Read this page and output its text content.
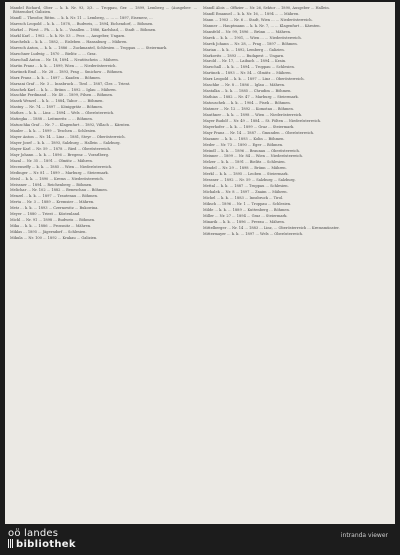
Mandel Richard, Ober ... k. k. Nr. 93, 3/3. ... Troppau, Ger. ... 1899, Lemberg ... (Ausgeber: ... Bötzendorf, Galizien.

Mandl ... Theodor, Rittm. ... k. k. Nr. 11 ... Lemberg, ... ... ... 1897, Eisenerz, ...

Maresch Leopold ... k. k. ... 1878, ... Budweis, ... 1894, Eichendorf, ... Böhmen.

Markel ... Fürst ... Ph. ... k. k. ... Vasallen ... 1886, Karlsbad, ... Stadt ... Böhmen.

Markl Karl ... 1902 ... k. k. Nr. 53 ... Pecs ..., Ausgeber, Ungarn.

Marcheluk ... k. k. ... 1882, ... Eisleben ... Hansaburg ... Mähren.

Maresch Anton, ... k. k. ... 1886 ... Zuckmantel, Schlesien ... Troppau ... ... Steiermark.

Marschner Ludwig ... 1870 ... Bielitz ... ... Graz.

Marschall Anton ... Nr. 18, 1894 ... Neutitschein ... Mähren.

Martin Franz ... k. k. ... 1899, Wien ... ... Niederösterreich.

Martinek Emil ... Nr. 28 ... 1893, Prag ... Smichow ... Böhmen.

Marx Franz ... k. k. ... 1897 ... Kaaden ... Böhmen.

Marzani Graf ... Nr. 3 ... Innsbruck ... Tirol ... 1887, Cles ... Trient.

Maschek Karl ... k. k. ... Brünn ... 1892 ... Iglau ... Mähren.

Maschke Ferdinand ... Nr. 40 ... 1899, Pilsen ... Böhmen.

Masek Wenzel ... k. k. ... 1884, Tabor ... ... Böhmen.

Mastny ... Nr. 74 ... 1897 ... Königgrätz ... Böhmen.

Mathes ... k. k. ... Linz ... 1894 ... Wels ... Oberösterreich.

Matiegka ... 1888 ... Leitmeritz ... ... Böhmen.

Matuschka Graf ... Nr. 7 ... Klagenfurt ... 1892, Villach ... Kärnten.

Mauler ... k. k. ... 1899 ... Teschen ... Schlesien.

Mayer Anton ... Nr. 14 ... Linz ... 1881, Steyr ... Oberösterreich.

Mayer Josef ... k. k. ... 1893, Salzburg ... Hallein ... Salzburg.

Mayer Karl ... Nr. 59 ... 1878 ... Ried ... Oberösterreich.

Mayr Johann ... k. k. ... 1896 ... Bregenz ... Vorarlberg.

Mazal ... Nr. 35 ... 1891 ... Olmütz ... Mähren.

Mecenseffy ... k. k. ... 1885 ... Wien ... Niederösterreich.

Medinger ... Nr. 81 ... 1899 ... Marburg ... Steiermark.

Meisl ... k. k. ... 1890 ... Krems ... Niederösterreich.

Meissner ... 1894 ... Reichenberg ... Böhmen.

Melichar ... Nr. 102 ... 1882 ... Beneschau ... Böhmen.

Menzel ... k. k. ... 1897 ... Trautenau ... Böhmen.

Merta ... Nr. 3 ... 1889 ... Kremsier ... Mähren.

Metz ... k. k. ... 1893 ... Czernowitz ... Bukowina.

Meyer ... 1880 ... Triest ... Küstenland.

Michl ... Nr. 91 ... 1898 ... Budweis ... Böhmen.

Mika ... k. k. ... 1886 ... Prossnitz ... Mähren.

Miklas ... 1895 ... Jägerndorf ... Schlesien.

Mikula ... Nr. 100 ... 1892 ... Krakau ... Galizien.

Mandl Alois ... Offizier ... Nr. 26, Sektor ... 1890, Ausgeber ... Hallein.

Mandl Emanuel ... k. k. Nr. 16, ... 1894 ... ... Mähren.

Mann ... 1903 ... Nr. 6 ... Stadt, Wien ... ... Niederösterreich.

Manner ... Hauptmann ... k. k. Nr. 7, ... ... Klagenfurt ... Kärnten.

Mansfeld ... Nr. 99, 1896 ... Brünn ... ... Mähren.

Marek ... k. k. ... 1901, ... Wien ... ... Niederösterreich.

Marek Johann ... Nr. 28, ... Prag ... 1897 ... Böhmen.

Marian ... k. k. ... 1892, Lemberg ... Galizien.

Markovits ... 1893 ... ... Budapest ... Ungarn.

Marold ... Nr. 17, ... Laibach ... 1894 ... Krain.

Marschall ... k. k. ... 1894 ... Troppau ... Schlesien.

Martinek ... 1893 ... Nr. 54 ... Olmütz ... Mähren.

Marx Leopold ... k. k. ... 1897 ... Linz ... Oberösterreich.

Maschke ... Nr. 8 ... 1886 ... Iglau ... Mähren.

Mastalka ... k. k. ... 1885 ... Chrudim ... Böhmen.

Mathias ... 1882 ... Nr. 47 ... Marburg ... Steiermark.

Matouschek ... k. k. ... 1904 ... Pisek ... Böhmen.

Matzner ... Nr. 12 ... 1892 ... Komotau ... Böhmen.

Mauthner ... k. k. ... 1898 ... Wien ... Niederösterreich.

Mayer Rudolf ... Nr. 49 ... 1884 ... St. Pölten ... Niederösterreich.

Mayerhofer ... k. k. ... 1899 ... Graz ... Steiermark.

Mayr Franz ... Nr. 14 ... 1887 ... Gmunden ... Oberösterreich.

Mazanec ... k. k. ... 1893 ... Kolin ... Böhmen.

Meder ... Nr. 73 ... 1890 ... Eger ... Böhmen.

Meindl ... k. k. ... 1896 ... Braunau ... Oberösterreich.

Meixner ... 1899 ... Nr. 84 ... Wien ... Niederösterreich.

Melzer ... k. k. ... 1891 ... Bielitz ... Schlesien.

Mendel ... Nr. 29 ... 1898 ... Brünn ... Mähren.

Merkl ... k. k. ... 1895 ... Leoben ... Steiermark.

Messner ... 1892 ... Nr. 59 ... Salzburg ... Salzburg.

Mettal ... k. k. ... 1887 ... Troppau ... Schlesien.

Michalek ... Nr. 8 ... 1897 ... Znaim ... Mähren.

Michel ... k. k. ... 1883 ... Innsbruck ... Tirol.

Miksch ... 1896 ... Nr. 1 ... Troppau ... Schlesien.

Milde ... k. k. ... 1889 ... Kuttenberg ... Böhmen.

Miller ... Nr. 27 ... 1894 ... Graz ... Steiermark.

Minarik ... k. k. ... 1896 ... Prerau ... Mähren.

Mittelberger ... Nr. 14 ... 1883 ... Linz, ... Oberösterreich ... Kremsmünster.

Mittermayer ... k. k. ... 1897 ... Wels ... Oberösterreich.

oö landes
bibliothek
intranda viewer
